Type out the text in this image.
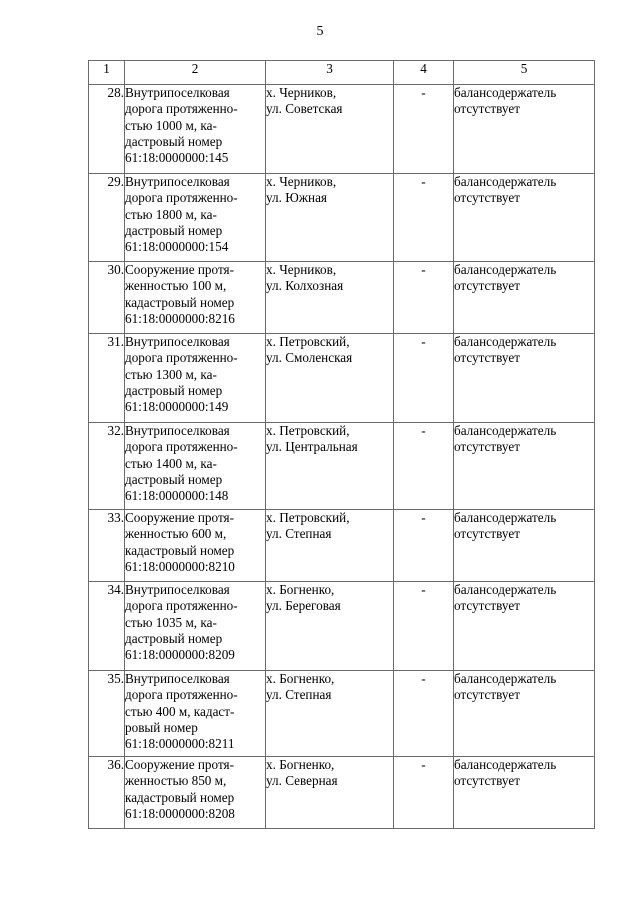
5
1	2	3	4	5
28.	Внутрипоселковая
дорога протяженно-
стью 1000 м, ка-
дастровый номер
61:18:0000000:145	х. Черников,
ул. Советская	-	балансодержатель
отсутствует

29.	Внутрипоселковая
дорога протяженно-
стью 1800 м, ка-
дастровый номер
61:18:0000000:154	х. Черников,
ул. Южная	-	балансодержатель
отсутствует

30.	Сооружение протя-
женностью 100 м,
кадастровый номер
61:18:0000000:8216	х. Черников,
ул. Колхозная	-	балансодержатель
отсутствует

31.	Внутрипоселковая
дорога протяженно-
стью 1300 м, ка-
дастровый номер
61:18:0000000:149	х. Петровский,
ул. Смоленская	-	балансодержатель
отсутствует

32.	Внутрипоселковая
дорога протяженно-
стью 1400 м, ка-
дастровый номер
61:18:0000000:148	х. Петровский,
ул. Центральная	-	балансодержатель
отсутствует

33.	Сооружение протя-
женностью 600 м,
кадастровый номер
61:18:0000000:8210	х. Петровский,
ул. Степная	-	балансодержатель
отсутствует

34.	Внутрипоселковая
дорога протяженно-
стью 1035 м, ка-
дастровый номер
61:18:0000000:8209	х. Богненко,
ул. Береговая	-	балансодержатель
отсутствует

35.	Внутрипоселковая
дорога протяженно-
стью 400 м, кадаст-
ровый номер
61:18:0000000:8211	х. Богненко,
ул. Степная	-	балансодержатель
отсутствует

36.	Сооружение протя-
женностью 850 м,
кадастровый номер
61:18:0000000:8208	х. Богненко,
ул. Северная	-	балансодержатель
отсутствует
